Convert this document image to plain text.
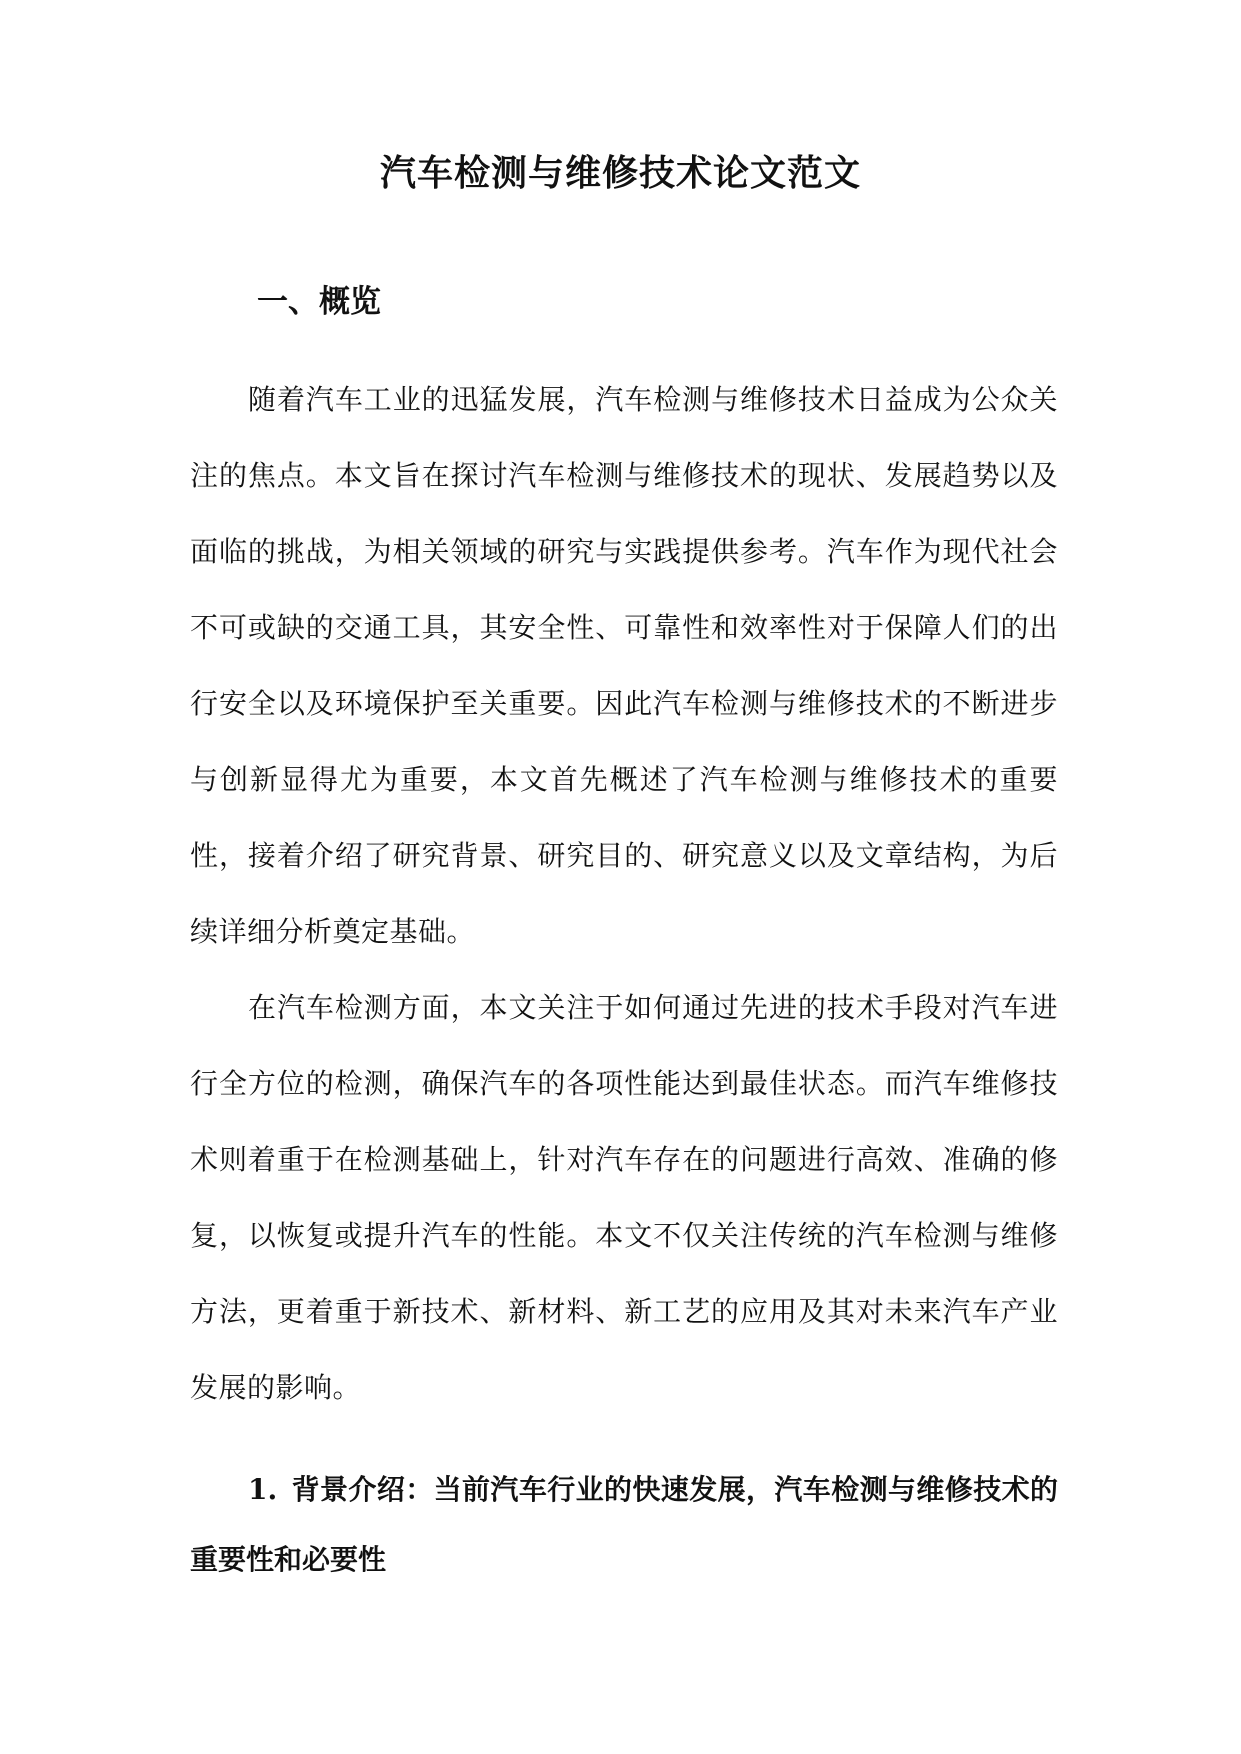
汽车检测与维修技术论文范文
一、概览

随着汽车工业的迅猛发展，汽车检测与维修技术日益成为公众关注的焦点。本文旨在探讨汽车检测与维修技术的现状、发展趋势以及面临的挑战，为相关领域的研究与实践提供参考。汽车作为现代社会不可或缺的交通工具，其安全性、可靠性和效率性对于保障人们的出行安全以及环境保护至关重要。因此汽车检测与维修技术的不断进步与创新显得尤为重要，本文首先概述了汽车检测与维修技术的重要性，接着介绍了研究背景、研究目的、研究意义以及文章结构，为后续详细分析奠定基础。

在汽车检测方面，本文关注于如何通过先进的技术手段对汽车进行全方位的检测，确保汽车的各项性能达到最佳状态。而汽车维修技术则着重于在检测基础上，针对汽车存在的问题进行高效、准确的修复，以恢复或提升汽车的性能。本文不仅关注传统的汽车检测与维修方法，更着重于新技术、新材料、新工艺的应用及其对未来汽车产业发展的影响。

1. 背景介绍：当前汽车行业的快速发展，汽车检测与维修技术的重要性和必要性
